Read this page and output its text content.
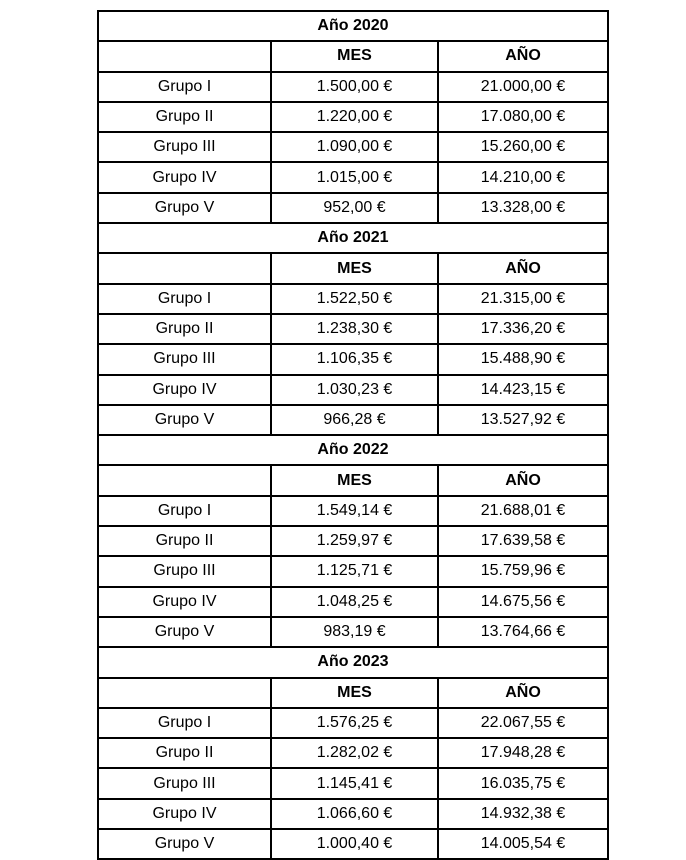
Año 2020		
	MES	AÑO
Grupo I	1.500,00 €	21.000,00 €
Grupo II	1.220,00 €	17.080,00 €
Grupo III	1.090,00 €	15.260,00 €
Grupo IV	1.015,00 €	14.210,00 €
Grupo V	952,00 €	13.328,00 €
Año 2021		
	MES	AÑO
Grupo I	1.522,50 €	21.315,00 €
Grupo II	1.238,30 €	17.336,20 €
Grupo III	1.106,35 €	15.488,90 €
Grupo IV	1.030,23 €	14.423,15 €
Grupo V	966,28 €	13.527,92 €
Año 2022		
	MES	AÑO
Grupo I	1.549,14 €	21.688,01 €
Grupo II	1.259,97 €	17.639,58 €
Grupo III	1.125,71 €	15.759,96 €
Grupo IV	1.048,25 €	14.675,56 €
Grupo V	983,19 €	13.764,66 €
Año 2023		
	MES	AÑO
Grupo I	1.576,25 €	22.067,55 €
Grupo II	1.282,02 €	17.948,28 €
Grupo III	1.145,41 €	16.035,75 €
Grupo IV	1.066,60 €	14.932,38 €
Grupo V	1.000,40 €	14.005,54 €
